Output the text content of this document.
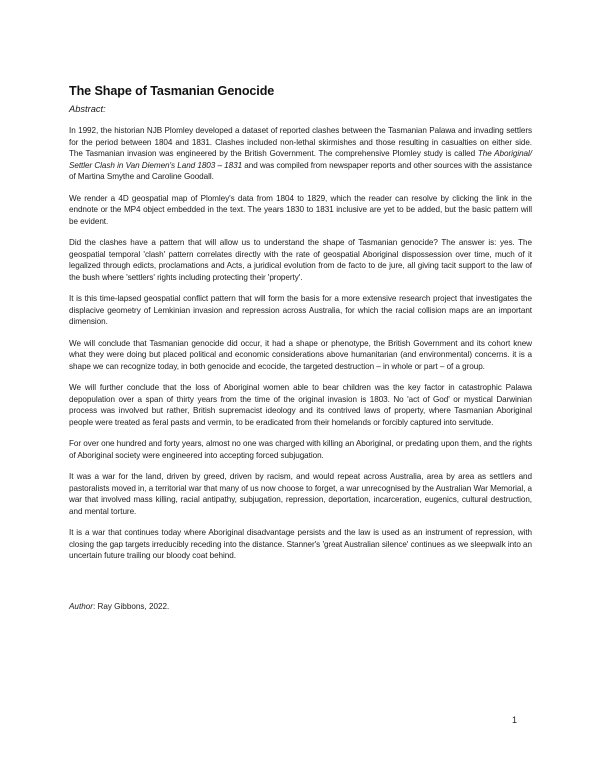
The Shape of Tasmanian Genocide
Abstract:

In 1992, the historian NJB Plomley developed a dataset of reported clashes between the Tasmanian Palawa and invading settlers for the period between 1804 and 1831. Clashes included non-lethal skirmishes and those resulting in casualties on either side. The Tasmanian invasion was engineered by the British Government. The comprehensive Plomley study is called The Aboriginal/ Settler Clash in Van Diemen's Land 1803 – 1831 and was compiled from newspaper reports and other sources with the assistance of Martina Smythe and Caroline Goodall.

We render a 4D geospatial map of Plomley's data from 1804 to 1829, which the reader can resolve by clicking the link in the endnote or the MP4 object embedded in the text. The years 1830 to 1831 inclusive are yet to be added, but the basic pattern will be evident.

Did the clashes have a pattern that will allow us to understand the shape of Tasmanian genocide? The answer is: yes. The geospatial temporal 'clash' pattern correlates directly with the rate of geospatial Aboriginal dispossession over time, much of it legalized through edicts, proclamations and Acts, a juridical evolution from de facto to de jure, all giving tacit support to the law of the bush where 'settlers' rights including protecting their 'property'.

It is this time-lapsed geospatial conflict pattern that will form the basis for a more extensive research project that investigates the displacive geometry of Lemkinian invasion and repression across Australia, for which the racial collision maps are an important dimension.

We will conclude that Tasmanian genocide did occur, it had a shape or phenotype, the British Government and its cohort knew what they were doing but placed political and economic considerations above humanitarian (and environmental) concerns. it is a shape we can recognize today, in both genocide and ecocide, the targeted destruction – in whole or part – of a group.

We will further conclude that the loss of Aboriginal women able to bear children was the key factor in catastrophic Palawa depopulation over a span of thirty years from the time of the original invasion is 1803. No 'act of God' or mystical Darwinian process was involved but rather, British supremacist ideology and its contrived laws of property, where Tasmanian Aboriginal people were treated as feral pasts and vermin, to be eradicated from their homelands or forcibly captured into servitude.

For over one hundred and forty years, almost no one was charged with killing an Aboriginal, or predating upon them, and the rights of Aboriginal society were engineered into accepting forced subjugation.

It was a war for the land, driven by greed, driven by racism, and would repeat across Australia, area by area as settlers and pastoralists moved in, a territorial war that many of us now choose to forget, a war unrecognised by the Australian War Memorial, a war that involved mass killing, racial antipathy, subjugation, repression, deportation, incarceration, eugenics, cultural destruction, and mental torture.

It is a war that continues today where Aboriginal disadvantage persists and the law is used as an instrument of repression, with closing the gap targets irreducibly receding into the distance. Stanner's 'great Australian silence' continues as we sleepwalk into an uncertain future trailing our bloody coat behind.

Author: Ray Gibbons, 2022.
1
